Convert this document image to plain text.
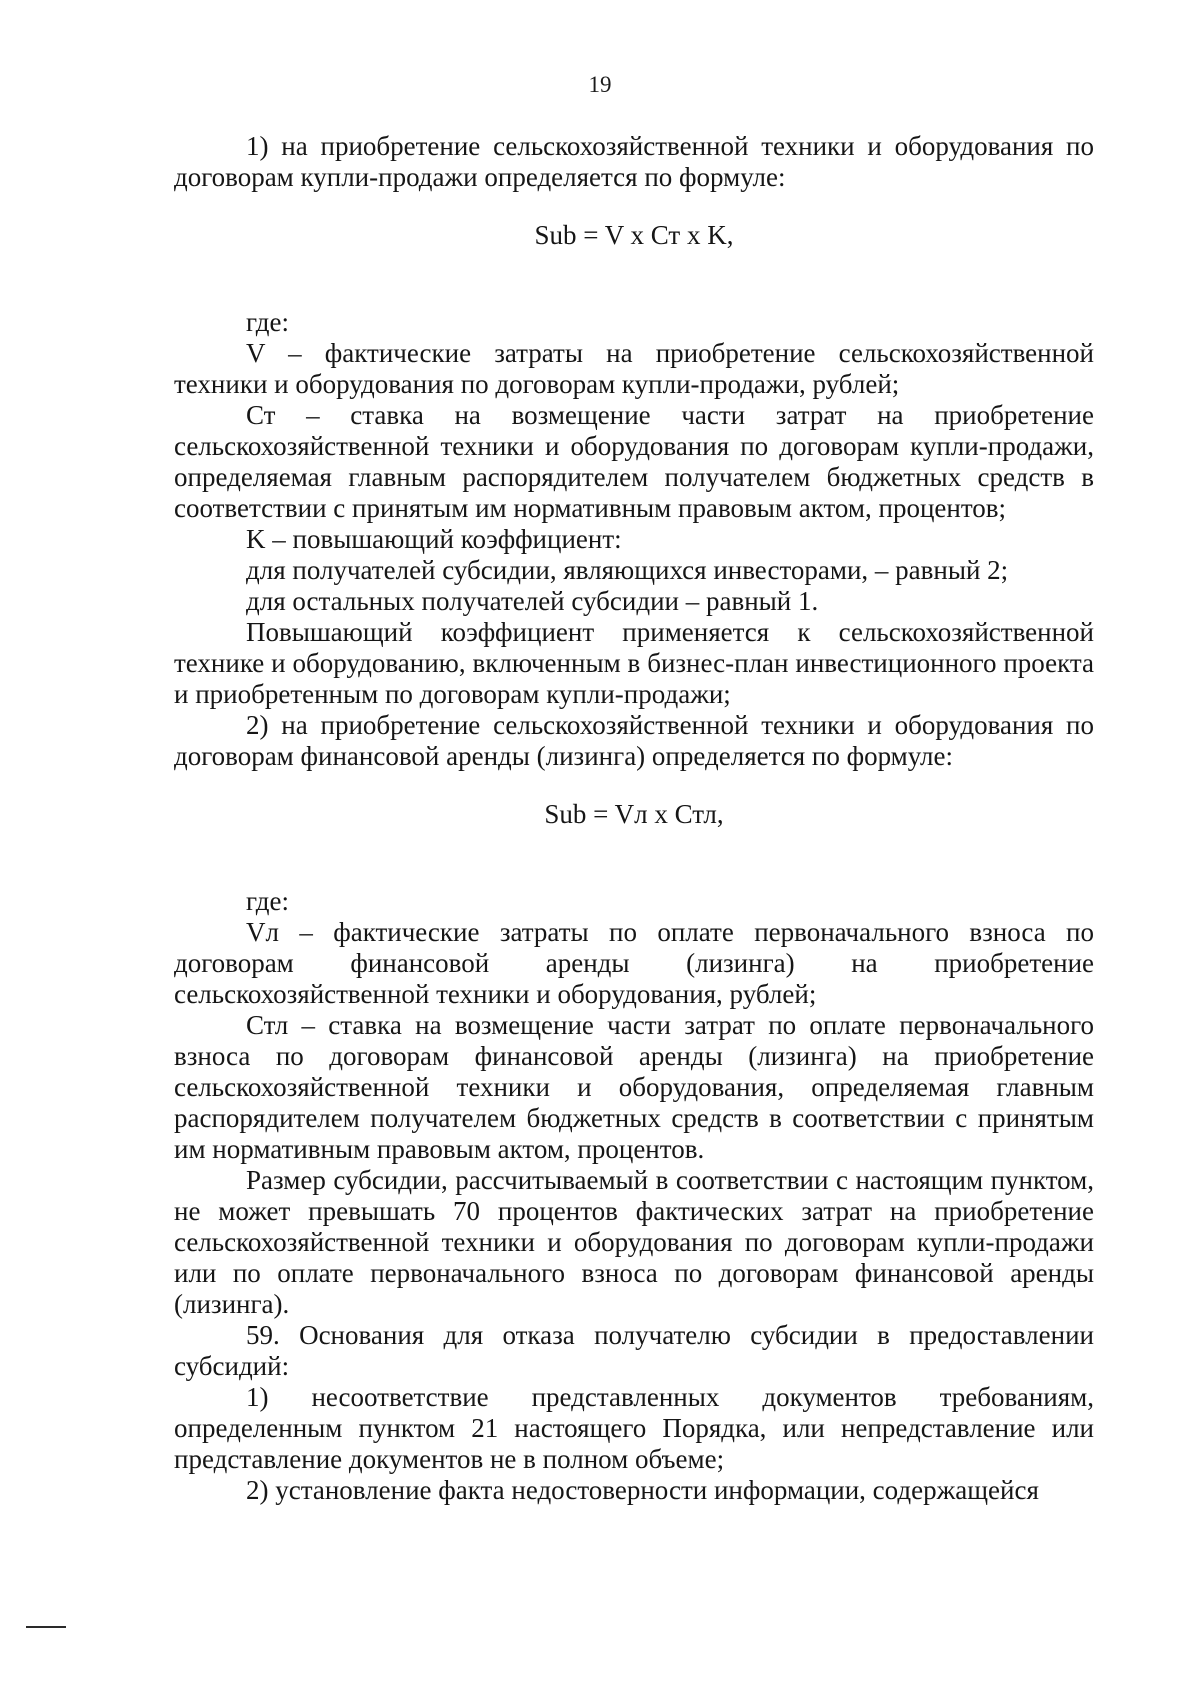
19

1) на приобретение сельскохозяйственной техники и оборудования по договорам купли-продажи определяется по формуле:

Sub = V x Ст x K,

где:

V – фактические затраты на приобретение сельскохозяйственной техники и оборудования по договорам купли-продажи, рублей;

Ст – ставка на возмещение части затрат на приобретение сельскохозяйственной техники и оборудования по договорам купли-продажи, определяемая главным распорядителем получателем бюджетных средств в соответствии с принятым им нормативным правовым актом, процентов;

K – повышающий коэффициент:

для получателей субсидии, являющихся инвесторами, – равный 2;

для остальных получателей субсидии – равный 1.

Повышающий коэффициент применяется к сельскохозяйственной технике и оборудованию, включенным в бизнес-план инвестиционного проекта и приобретенным по договорам купли-продажи;

2) на приобретение сельскохозяйственной техники и оборудования по договорам финансовой аренды (лизинга) определяется по формуле:

Sub = Vл x Стл,

где:

Vл – фактические затраты по оплате первоначального взноса по договорам финансовой аренды (лизинга) на приобретение сельскохозяйственной техники и оборудования, рублей;

Стл – ставка на возмещение части затрат по оплате первоначального взноса по договорам финансовой аренды (лизинга) на приобретение сельскохозяйственной техники и оборудования, определяемая главным распорядителем получателем бюджетных средств в соответствии с принятым им нормативным правовым актом, процентов.

Размер субсидии, рассчитываемый в соответствии с настоящим пунктом, не может превышать 70 процентов фактических затрат на приобретение сельскохозяйственной техники и оборудования по договорам купли-продажи или по оплате первоначального взноса по договорам финансовой аренды (лизинга).

59. Основания для отказа получателю субсидии в предоставлении субсидий:

1) несоответствие представленных документов требованиям, определенным пунктом 21 настоящего Порядка, или непредставление или представление документов не в полном объеме;

2) установление факта недостоверности информации, содержащейся
